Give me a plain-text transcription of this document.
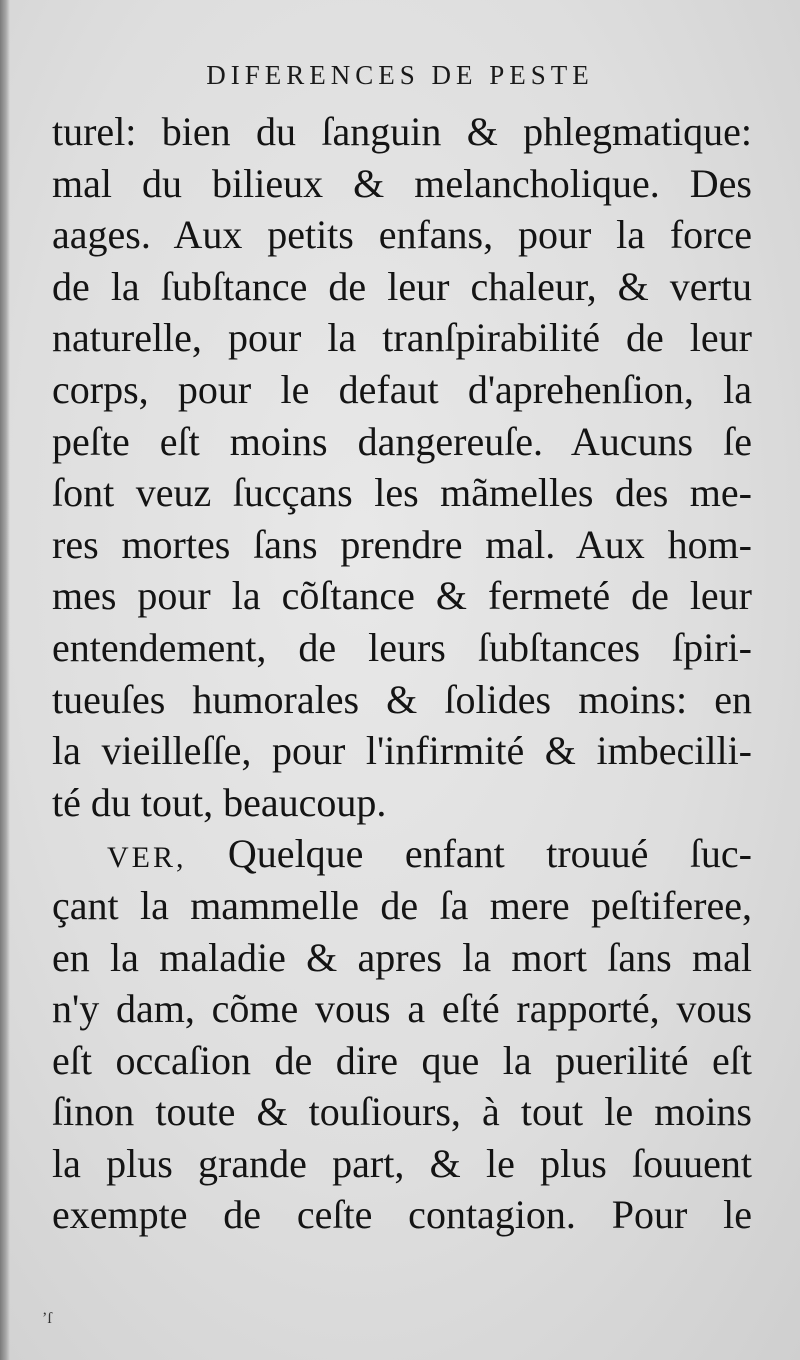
DIFERENCES DE PESTE
turel: bien du ſanguin & phlegmatique:
mal du bilieux & melancholique. Des
aages. Aux petits enfans, pour la force
de la ſubſtance de leur chaleur, & vertu
naturelle, pour la tranſpirabilité de leur
corps, pour le defaut d'aprehenſion, la
peſte eſt moins dangereuſe. Aucuns ſe
ſont veuz ſucçans les mãmelles des me-
res mortes ſans prendre mal. Aux hom-
mes pour la cõſtance & fermeté de leur
entendement, de leurs ſubſtances ſpiri-
tueuſes humorales & ſolides moins: en
la vieilleſſe, pour l'infirmité & imbecilli-
té du tout, beaucoup.
VER, Quelque enfant trouué ſuc-
çant la mammelle de ſa mere peſtiferee,
en la maladie & apres la mort ſans mal
n'y dam, cõme vous a eſté rapporté, vous
eſt occaſion de dire que la puerilité eſt
ſinon toute & touſiours, à tout le moins
la plus grande part, & le plus ſouuent
exempte de ceſte contagion. Pour le
ʼſ
